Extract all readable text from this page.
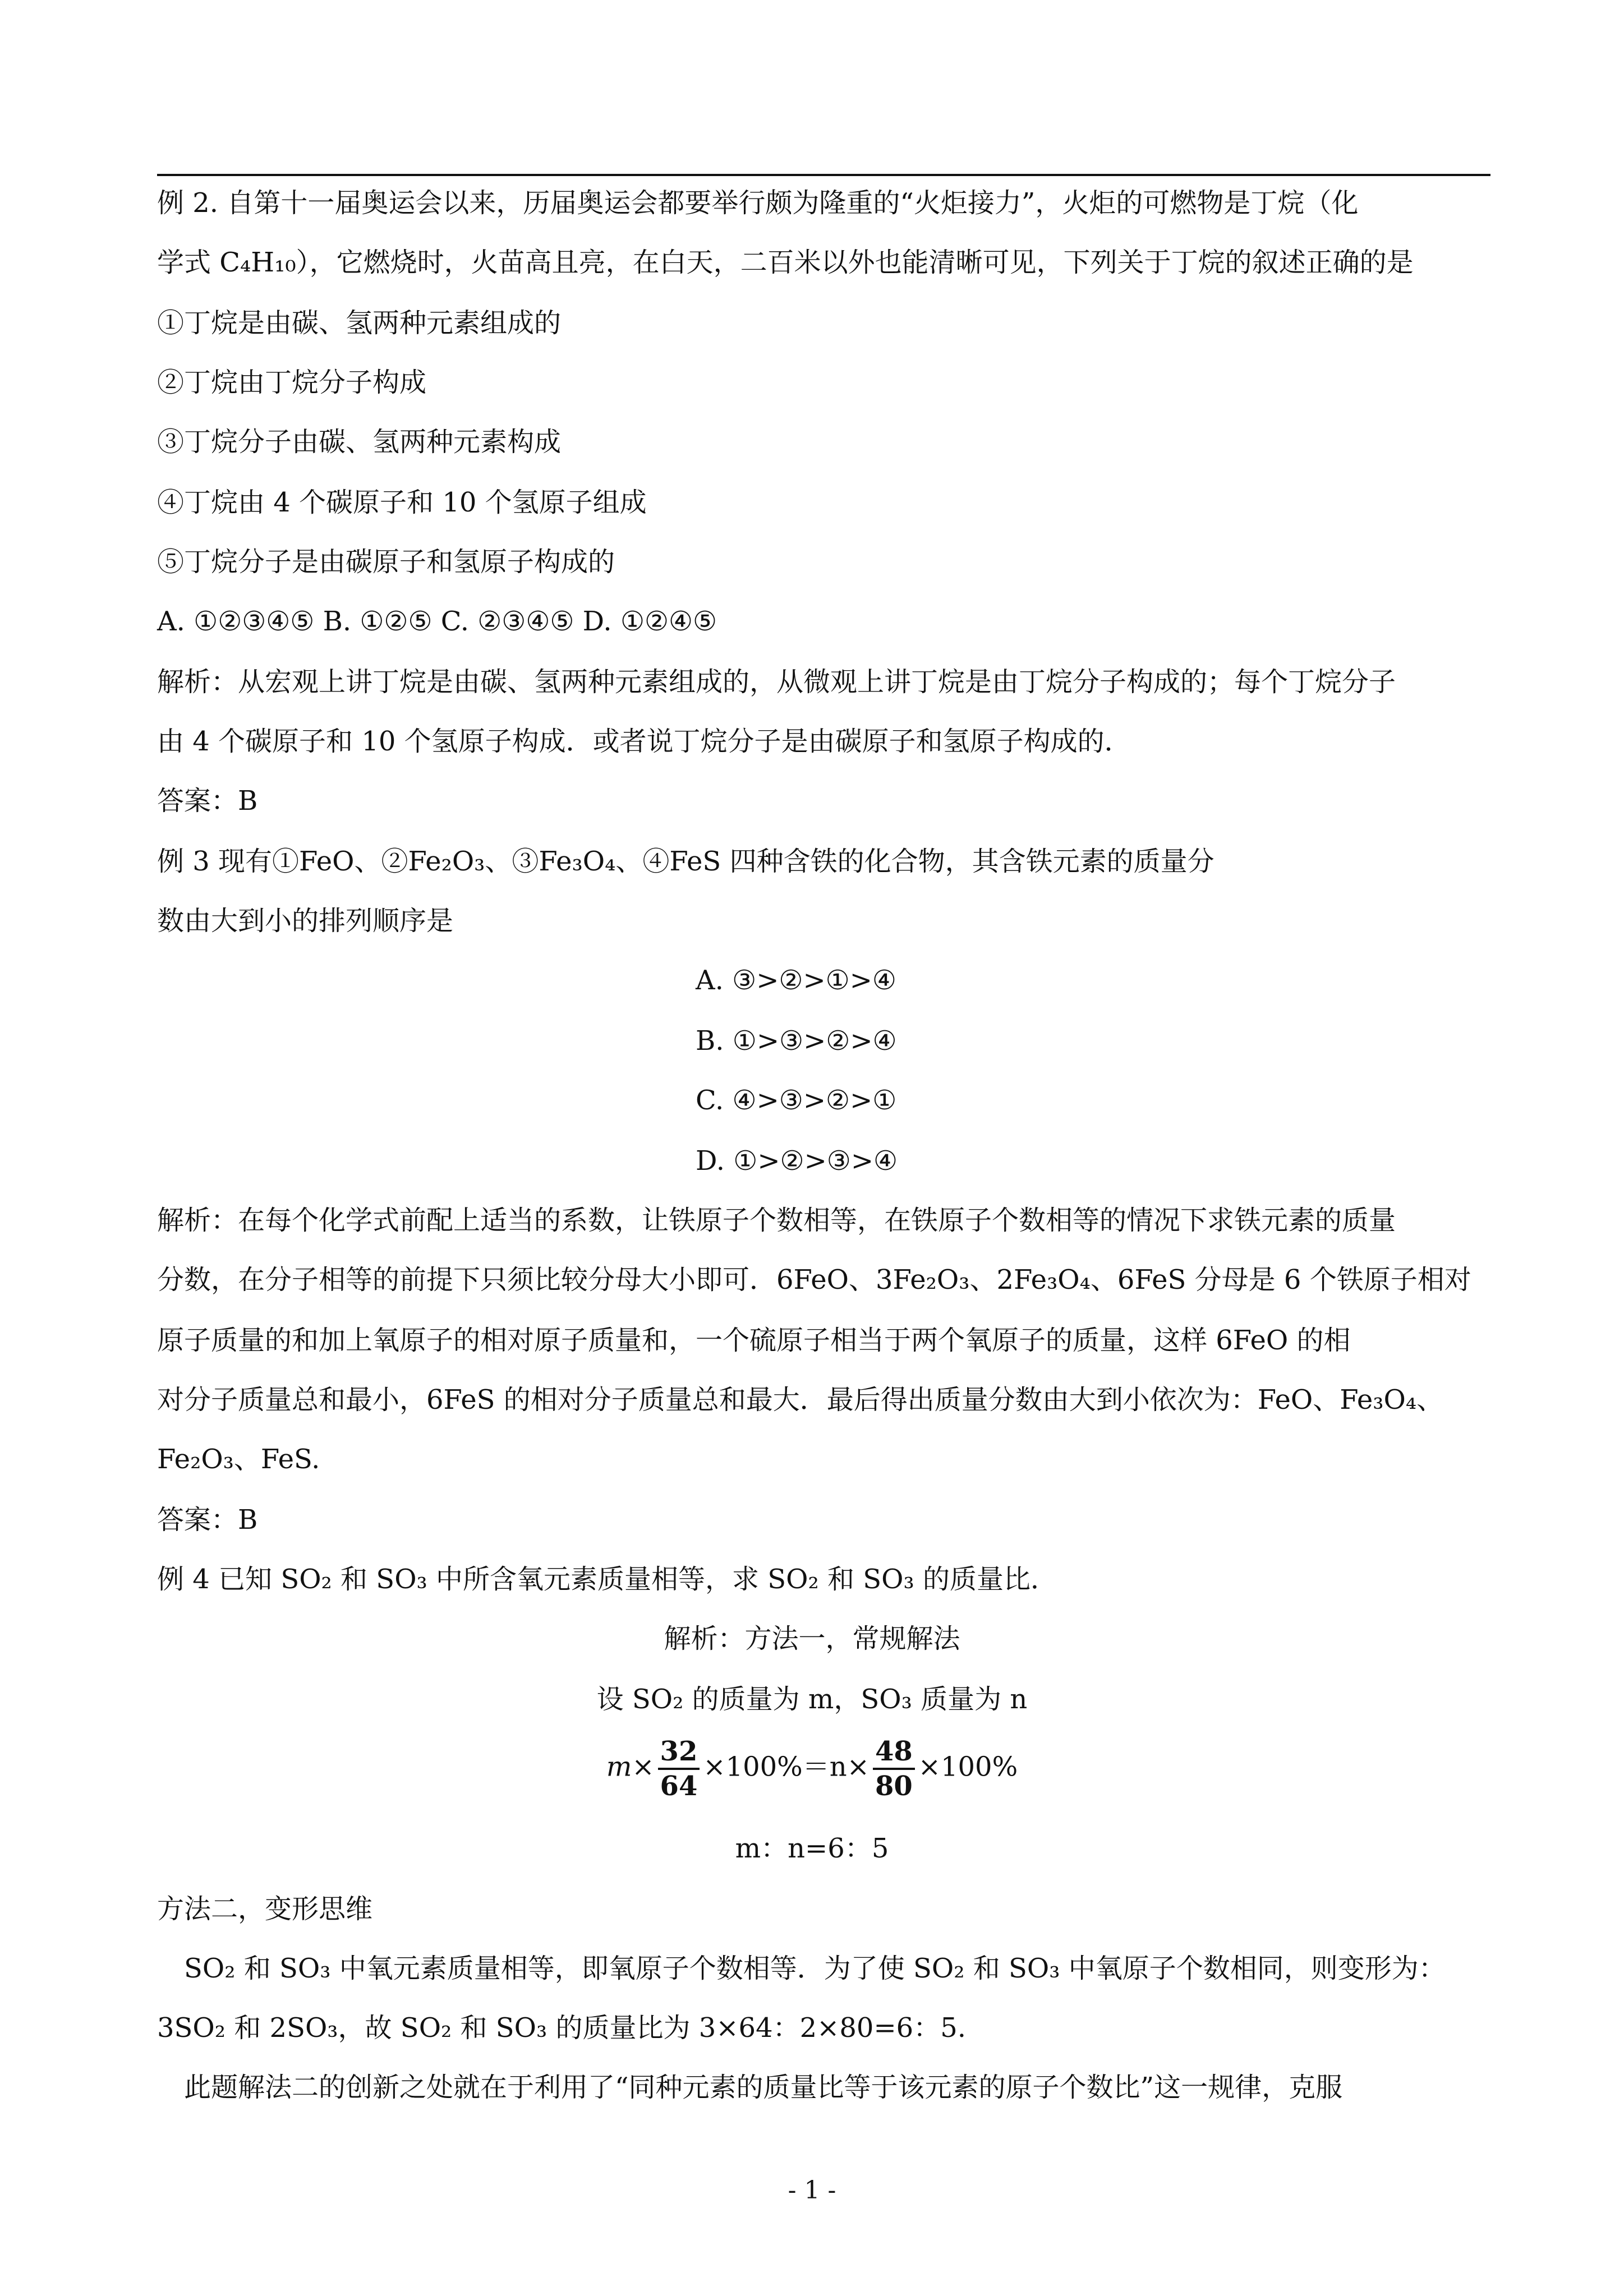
例 2. 自第十一届奥运会以来，历届奥运会都要举行颇为隆重的“火炬接力”，火炬的可燃物是丁烷（化

学式 C₄H₁₀），它燃烧时，火苗高且亮，在白天，二百米以外也能清晰可见，下列关于丁烷的叙述正确的是

①丁烷是由碳、氢两种元素组成的

②丁烷由丁烷分子构成

③丁烷分子由碳、氢两种元素构成

④丁烷由 4 个碳原子和 10 个氢原子组成

⑤丁烷分子是由碳原子和氢原子构成的

A. ①②③④⑤ B. ①②⑤ C. ②③④⑤ D. ①②④⑤

解析：从宏观上讲丁烷是由碳、氢两种元素组成的，从微观上讲丁烷是由丁烷分子构成的；每个丁烷分子

由 4 个碳原子和 10 个氢原子构成．或者说丁烷分子是由碳原子和氢原子构成的．

答案：B

例 3 现有①FeO、②Fe₂O₃、③Fe₃O₄、④FeS 四种含铁的化合物，其含铁元素的质量分

数由大到小的排列顺序是

A. ③>②>①>④

B. ①>③>②>④

C. ④>③>②>①

D. ①>②>③>④

解析：在每个化学式前配上适当的系数，让铁原子个数相等，在铁原子个数相等的情况下求铁元素的质量

分数，在分子相等的前提下只须比较分母大小即可．6FeO、3Fe₂O₃、2Fe₃O₄、6FeS 分母是 6 个铁原子相对

原子质量的和加上氧原子的相对原子质量和，一个硫原子相当于两个氧原子的质量，这样 6FeO 的相

对分子质量总和最小，6FeS 的相对分子质量总和最大．最后得出质量分数由大到小依次为：FeO、Fe₃O₄、

Fe₂O₃、FeS.

答案：B

例 4 已知 SO₂ 和 SO₃ 中所含氧元素质量相等，求 SO₂ 和 SO₃ 的质量比．

解析：方法一，常规解法

设 SO₂ 的质量为 m，SO₃ 质量为 n

$m\times \frac{32}{64} \times 100\%=n\times \frac{48}{80} \times 100\%$

m：n=6：5

方法二，变形思维

SO₂ 和 SO₃ 中氧元素质量相等，即氧原子个数相等．为了使 SO₂ 和 SO₃ 中氧原子个数相同，则变形为：

3SO₂ 和 2SO₃，故 SO₂ 和 SO₃ 的质量比为 3×64：2×80=6：5.

此题解法二的创新之处就在于利用了“同种元素的质量比等于该元素的原子个数比”这一规律，克服

- 1 -
